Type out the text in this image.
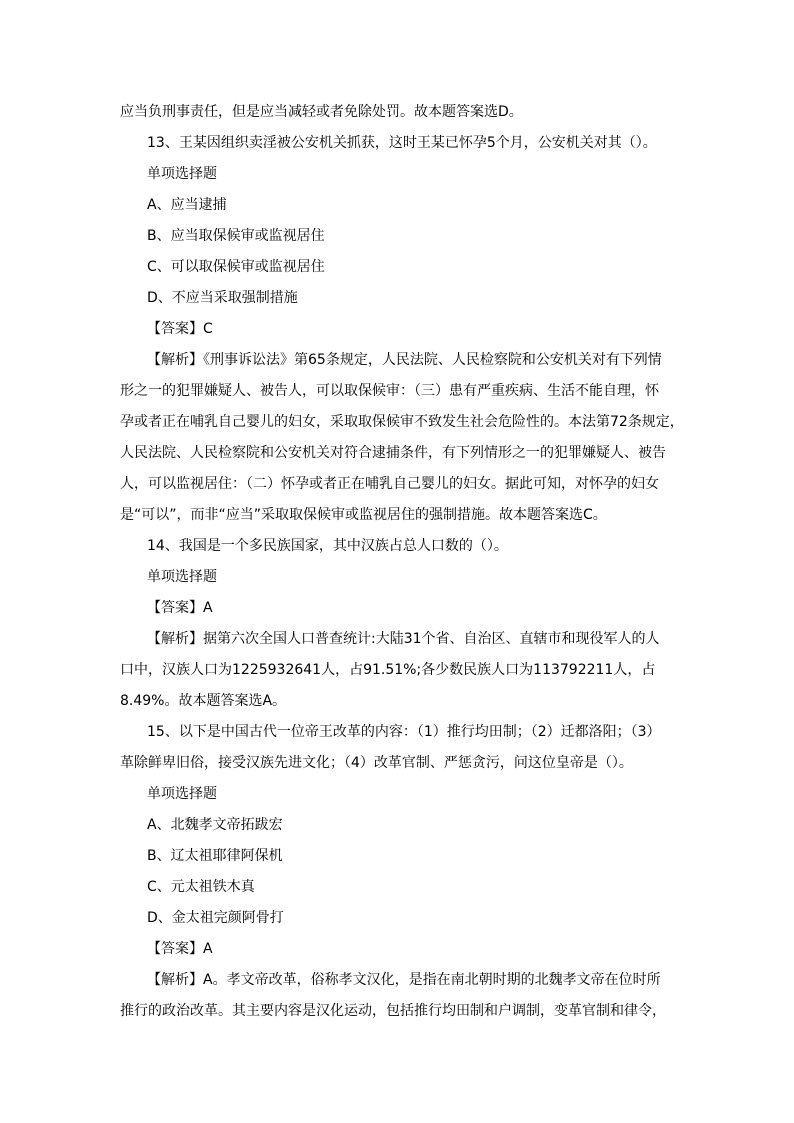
应当负刑事责任，但是应当减轻或者免除处罚。故本题答案选D。
13、王某因组织卖淫被公安机关抓获，这时王某已怀孕5个月，公安机关对其（）。
单项选择题
A、应当逮捕
B、应当取保候审或监视居住
C、可以取保候审或监视居住
D、不应当采取强制措施
【答案】C
【解析】《刑事诉讼法》第65条规定，人民法院、人民检察院和公安机关对有下列情
形之一的犯罪嫌疑人、被告人，可以取保候审：（三）患有严重疾病、生活不能自理，怀
孕或者正在哺乳自己婴儿的妇女，采取取保候审不致发生社会危险性的。本法第72条规定，
人民法院、人民检察院和公安机关对符合逮捕条件，有下列情形之一的犯罪嫌疑人、被告
人，可以监视居住：（二）怀孕或者正在哺乳自己婴儿的妇女。据此可知，对怀孕的妇女
是“可以”，而非“应当”采取取保候审或监视居住的强制措施。故本题答案选C。
14、我国是一个多民族国家，其中汉族占总人口数的（）。
单项选择题
【答案】A
【解析】据第六次全国人口普查统计:大陆31个省、自治区、直辖市和现役军人的人
口中，汉族人口为1225932641人，占91.51%;各少数民族人口为113792211人，占
8.49%。故本题答案选A。
15、以下是中国古代一位帝王改革的内容：（1）推行均田制；（2）迁都洛阳；（3）
革除鲜卑旧俗，接受汉族先进文化；（4）改革官制、严惩贪污，问这位皇帝是（）。
单项选择题
A、北魏孝文帝拓跋宏
B、辽太祖耶律阿保机
C、元太祖铁木真
D、金太祖完颜阿骨打
【答案】A
【解析】A。孝文帝改革，俗称孝文汉化，是指在南北朝时期的北魏孝文帝在位时所
推行的政治改革。其主要内容是汉化运动，包括推行均田制和户调制，变革官制和律令，
